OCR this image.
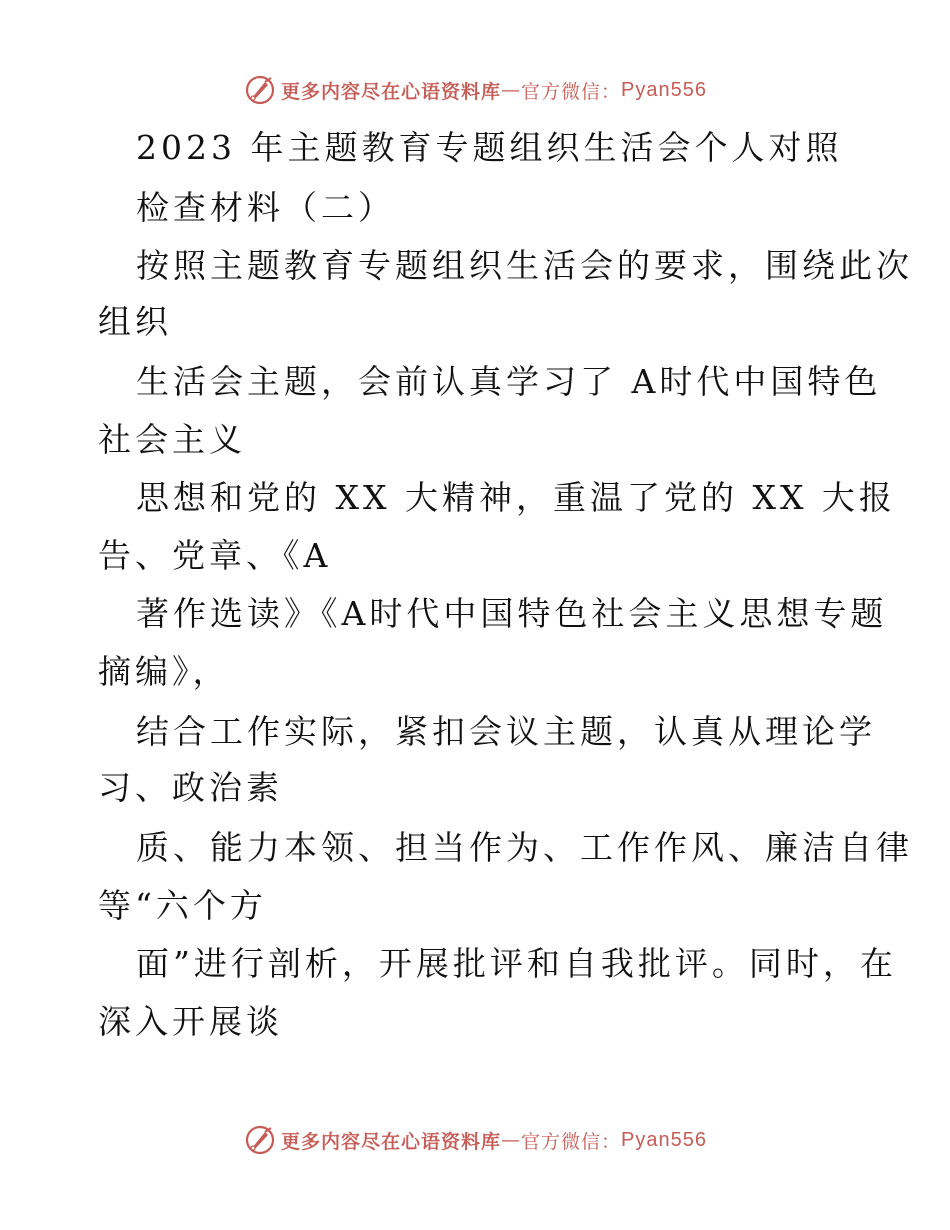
更多内容尽在心语资料库 — 官方微信： Pyan556
2023 年主题教育专题组织生活会个人对照
检查材料（二）
按照主题教育专题组织生活会的要求，围绕此次
组织
生活会主题，会前认真学习了 A时代中国特色
社会主义
思想和党的 XX 大精神，重温了党的 XX 大报
告、党章、《A
著作选读》《A时代中国特色社会主义思想专题
摘编》，
结合工作实际，紧扣会议主题，认真从理论学
习、政治素
质、能力本领、担当作为、工作作风、廉洁自律
等“六个方
面”进行剖析，开展批评和自我批评。同时，在
深入开展谈
更多内容尽在心语资料库 — 官方微信： Pyan556
